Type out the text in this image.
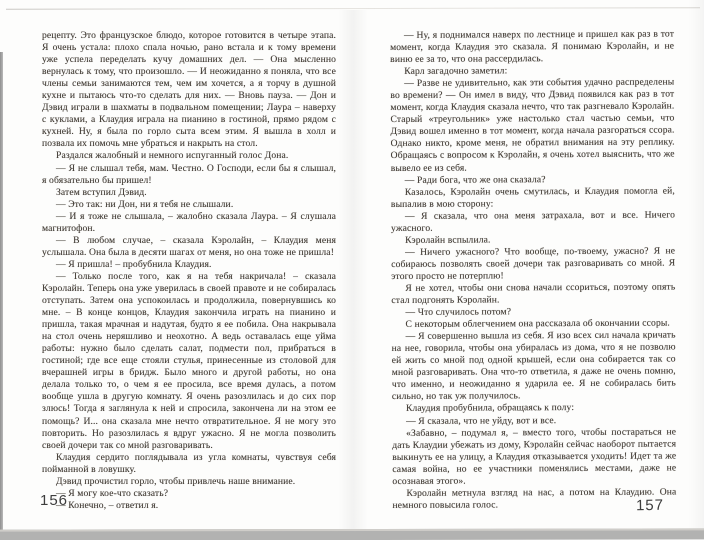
рецепту. Это французское блюдо, которое готовится в четыре этапа. Я очень устала: плохо спала ночью, рано встала и к тому времени уже успела переделать кучу домашних дел. — Она мысленно вернулась к тому, что произошло. — И неожиданно я поняла, что все члены семьи занимаются тем, чем им хочется, а я торчу в душной кухне и пытаюсь что-то сделать для них. — Вновь пауза. — Дон и Дэвид играли в шахматы в подвальном помещении; Лаура – наверху с куклами, а Клаудия играла на пианино в гостиной, прямо рядом с кухней. Ну, я была по горло сыта всем этим. Я вышла в холл и позвала их помочь мне убраться и накрыть на стол.

Раздался жалобный и немного испуганный голос Дона.

— Я не слышал тебя, мам. Честно. О Господи, если бы я слышал, я обязательно бы пришел!

Затем вступил Дэвид.

— Это так: ни Дон, ни я тебя не слышали.

— И я тоже не слышала, – жалобно сказала Лаура. – Я слушала магнитофон.

— В любом случае, – сказала Кэролайн, – Клаудия меня услышала. Она была в десяти шагах от меня, но она тоже не пришла!

— Я пришла! – пробубнила Клаудия.

— Только после того, как я на тебя накричала! – сказала Кэролайн. Теперь она уже уверилась в своей правоте и не собиралась отступать. Затем она успокоилась и продолжила, повернувшись ко мне. – В конце концов, Клаудия закончила играть на пианино и пришла, такая мрачная и надутая, будто я ее побила. Она накрывала на стол очень неряшливо и неохотно. А ведь оставалась еще уйма работы: нужно было сделать салат, подмести пол, прибраться в гостиной; где все еще стояли стулья, принесенные из столовой для вчерашней игры в бридж. Было много и другой работы, но она делала только то, о чем я ее просила, все время дулась, а потом вообще ушла в другую комнату. Я очень разозлилась и до сих пор злюсь! Тогда я заглянула к ней и спросила, закончена ли на этом ее помощь? И... она сказала мне нечто отвратительное. Я не могу это повторить. Но разозлилась я вдруг ужасно. Я не могла позволить своей дочери так со мной разговаривать.

Клаудия сердито поглядывала из угла комнаты, чувствуя себя пойманной в ловушку.

Дэвид прочистил горло, чтобы привлечь наше внимание.

— Я могу кое-что сказать?

— Конечно, – ответил я.

— Ну, я поднимался наверх по лестнице и пришел как раз в тот момент, когда Клаудия это сказала. Я понимаю Кэролайн, и не виню ее за то, что она рассердилась.

Карл загадочно заметил:

— Разве не удивительно, как эти события удачно распределены во времени? — Он имел в виду, что Дэвид появился как раз в тот момент, когда Клаудия сказала нечто, что так разгневало Кэролайн. Старый «треугольник» уже настолько стал частью семьи, что Дэвид вошел именно в тот момент, когда начала разгораться ссора. Однако никто, кроме меня, не обратил внимания на эту реплику. Обращаясь с вопросом к Кэролайн, я очень хотел выяснить, что же вывело ее из себя.

— Ради бога, что же она сказала?

Казалось, Кэролайн очень смутилась, и Клаудия помогла ей, выпалив в мою сторону:

— Я сказала, что она меня затрахала, вот и все. Ничего ужасного.

Кэролайн вспылила.

— Ничего ужасного? Что вообще, по-твоему, ужасно? Я не собираюсь позволять своей дочери так разговаривать со мной. Я этого просто не потерплю!

Я не хотел, чтобы они снова начали ссориться, поэтому опять стал подгонять Кэролайн.

— Что случилось потом?

С некоторым облегчением она рассказала об окончании ссоры.

— Я совершенно вышла из себя. Я изо всех сил начала кричать на нее, говорила, чтобы она убиралась из дома, что я не позволю ей жить со мной под одной крышей, если она собирается так со мной разговаривать. Она что-то ответила, я даже не очень помню, что именно, и неожиданно я ударила ее. Я не собиралась бить сильно, но так уж получилось.

Клаудия пробубнила, обращаясь к полу:

— Я сказала, что не уйду, вот и все.

«Забавно, – подумал я, – вместо того, чтобы постараться не дать Клаудии убежать из дому, Кэролайн сейчас наоборот пытается выкинуть ее на улицу, а Клаудия отказывается уходить! Идет та же самая война, но ее участники поменялись местами, даже не осознавая этого».

Кэролайн метнула взгляд на нас, а потом на Клаудию. Она немного повысила голос.

156	157
